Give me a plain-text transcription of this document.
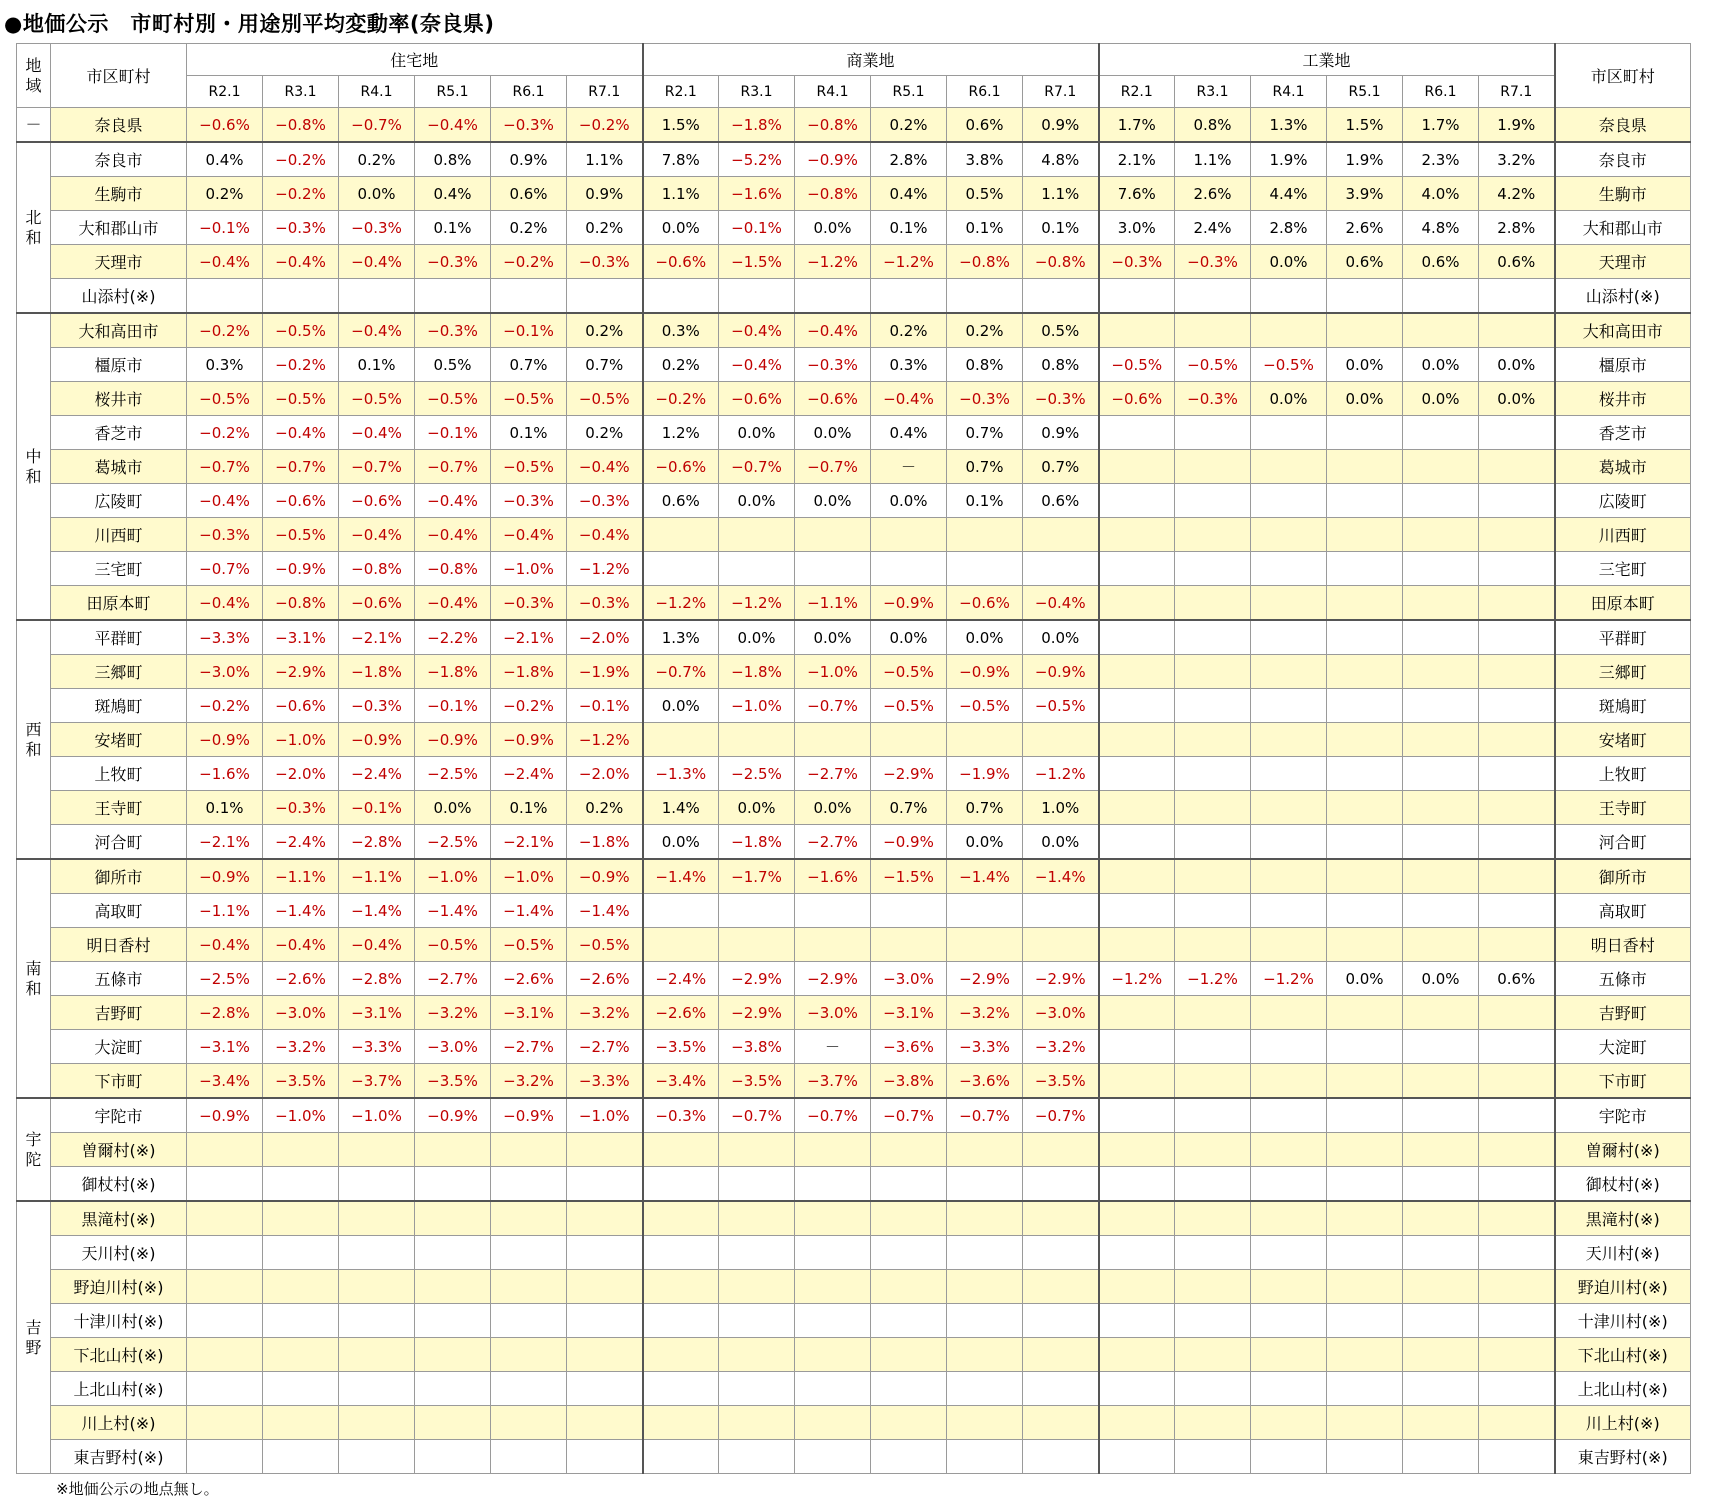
●地価公示　市町村別・用途別平均変動率(奈良県)
地域	市区町村	住宅地						商業地						工業地						市区町村
		R2.1	R3.1	R4.1	R5.1	R6.1	R7.1	R2.1	R3.1	R4.1	R5.1	R6.1	R7.1	R2.1	R3.1	R4.1	R5.1	R6.1	R7.1	
－	奈良県	−0.6%	−0.8%	−0.7%	−0.4%	−0.3%	−0.2%	1.5%	−1.8%	−0.8%	0.2%	0.6%	0.9%	1.7%	0.8%	1.3%	1.5%	1.7%	1.9%	奈良県
北和	奈良市	0.4%	−0.2%	0.2%	0.8%	0.9%	1.1%	7.8%	−5.2%	−0.9%	2.8%	3.8%	4.8%	2.1%	1.1%	1.9%	1.9%	2.3%	3.2%	奈良市
	生駒市	0.2%	−0.2%	0.0%	0.4%	0.6%	0.9%	1.1%	−1.6%	−0.8%	0.4%	0.5%	1.1%	7.6%	2.6%	4.4%	3.9%	4.0%	4.2%	生駒市
	大和郡山市	−0.1%	−0.3%	−0.3%	0.1%	0.2%	0.2%	0.0%	−0.1%	0.0%	0.1%	0.1%	0.1%	3.0%	2.4%	2.8%	2.6%	4.8%	2.8%	大和郡山市
	天理市	−0.4%	−0.4%	−0.4%	−0.3%	−0.2%	−0.3%	−0.6%	−1.5%	−1.2%	−1.2%	−0.8%	−0.8%	−0.3%	−0.3%	0.0%	0.6%	0.6%	0.6%	天理市
	山添村(※)																			山添村(※)
中和	大和高田市	−0.2%	−0.5%	−0.4%	−0.3%	−0.1%	0.2%	0.3%	−0.4%	−0.4%	0.2%	0.2%	0.5%							大和高田市
	橿原市	0.3%	−0.2%	0.1%	0.5%	0.7%	0.7%	0.2%	−0.4%	−0.3%	0.3%	0.8%	0.8%	−0.5%	−0.5%	−0.5%	0.0%	0.0%	0.0%	橿原市
	桜井市	−0.5%	−0.5%	−0.5%	−0.5%	−0.5%	−0.5%	−0.2%	−0.6%	−0.6%	−0.4%	−0.3%	−0.3%	−0.6%	−0.3%	0.0%	0.0%	0.0%	0.0%	桜井市
	香芝市	−0.2%	−0.4%	−0.4%	−0.1%	0.1%	0.2%	1.2%	0.0%	0.0%	0.4%	0.7%	0.9%							香芝市
	葛城市	−0.7%	−0.7%	−0.7%	−0.7%	−0.5%	−0.4%	−0.6%	−0.7%	−0.7%	－	0.7%	0.7%							葛城市
	広陵町	−0.4%	−0.6%	−0.6%	−0.4%	−0.3%	−0.3%	0.6%	0.0%	0.0%	0.0%	0.1%	0.6%							広陵町
	川西町	−0.3%	−0.5%	−0.4%	−0.4%	−0.4%	−0.4%													川西町
	三宅町	−0.7%	−0.9%	−0.8%	−0.8%	−1.0%	−1.2%													三宅町
	田原本町	−0.4%	−0.8%	−0.6%	−0.4%	−0.3%	−0.3%	−1.2%	−1.2%	−1.1%	−0.9%	−0.6%	−0.4%							田原本町
西和	平群町	−3.3%	−3.1%	−2.1%	−2.2%	−2.1%	−2.0%	1.3%	0.0%	0.0%	0.0%	0.0%	0.0%							平群町
	三郷町	−3.0%	−2.9%	−1.8%	−1.8%	−1.8%	−1.9%	−0.7%	−1.8%	−1.0%	−0.5%	−0.9%	−0.9%							三郷町
	斑鳩町	−0.2%	−0.6%	−0.3%	−0.1%	−0.2%	−0.1%	0.0%	−1.0%	−0.7%	−0.5%	−0.5%	−0.5%							斑鳩町
	安堵町	−0.9%	−1.0%	−0.9%	−0.9%	−0.9%	−1.2%													安堵町
	上牧町	−1.6%	−2.0%	−2.4%	−2.5%	−2.4%	−2.0%	−1.3%	−2.5%	−2.7%	−2.9%	−1.9%	−1.2%							上牧町
	王寺町	0.1%	−0.3%	−0.1%	0.0%	0.1%	0.2%	1.4%	0.0%	0.0%	0.7%	0.7%	1.0%							王寺町
	河合町	−2.1%	−2.4%	−2.8%	−2.5%	−2.1%	−1.8%	0.0%	−1.8%	−2.7%	−0.9%	0.0%	0.0%							河合町
南和	御所市	−0.9%	−1.1%	−1.1%	−1.0%	−1.0%	−0.9%	−1.4%	−1.7%	−1.6%	−1.5%	−1.4%	−1.4%							御所市
	高取町	−1.1%	−1.4%	−1.4%	−1.4%	−1.4%	−1.4%													高取町
	明日香村	−0.4%	−0.4%	−0.4%	−0.5%	−0.5%	−0.5%													明日香村
	五條市	−2.5%	−2.6%	−2.8%	−2.7%	−2.6%	−2.6%	−2.4%	−2.9%	−2.9%	−3.0%	−2.9%	−2.9%	−1.2%	−1.2%	−1.2%	0.0%	0.0%	0.6%	五條市
	吉野町	−2.8%	−3.0%	−3.1%	−3.2%	−3.1%	−3.2%	−2.6%	−2.9%	−3.0%	−3.1%	−3.2%	−3.0%							吉野町
	大淀町	−3.1%	−3.2%	−3.3%	−3.0%	−2.7%	−2.7%	−3.5%	−3.8%	－	−3.6%	−3.3%	−3.2%							大淀町
	下市町	−3.4%	−3.5%	−3.7%	−3.5%	−3.2%	−3.3%	−3.4%	−3.5%	−3.7%	−3.8%	−3.6%	−3.5%							下市町
宇陀	宇陀市	−0.9%	−1.0%	−1.0%	−0.9%	−0.9%	−1.0%	−0.3%	−0.7%	−0.7%	−0.7%	−0.7%	−0.7%							宇陀市
	曽爾村(※)																			曽爾村(※)
	御杖村(※)																			御杖村(※)
吉野	黒滝村(※)																			黒滝村(※)
	天川村(※)																			天川村(※)
	野迫川村(※)																			野迫川村(※)
	十津川村(※)																			十津川村(※)
	下北山村(※)																			下北山村(※)
	上北山村(※)																			上北山村(※)
	川上村(※)																			川上村(※)
	東吉野村(※)																			東吉野村(※)
※地価公示の地点無し。
